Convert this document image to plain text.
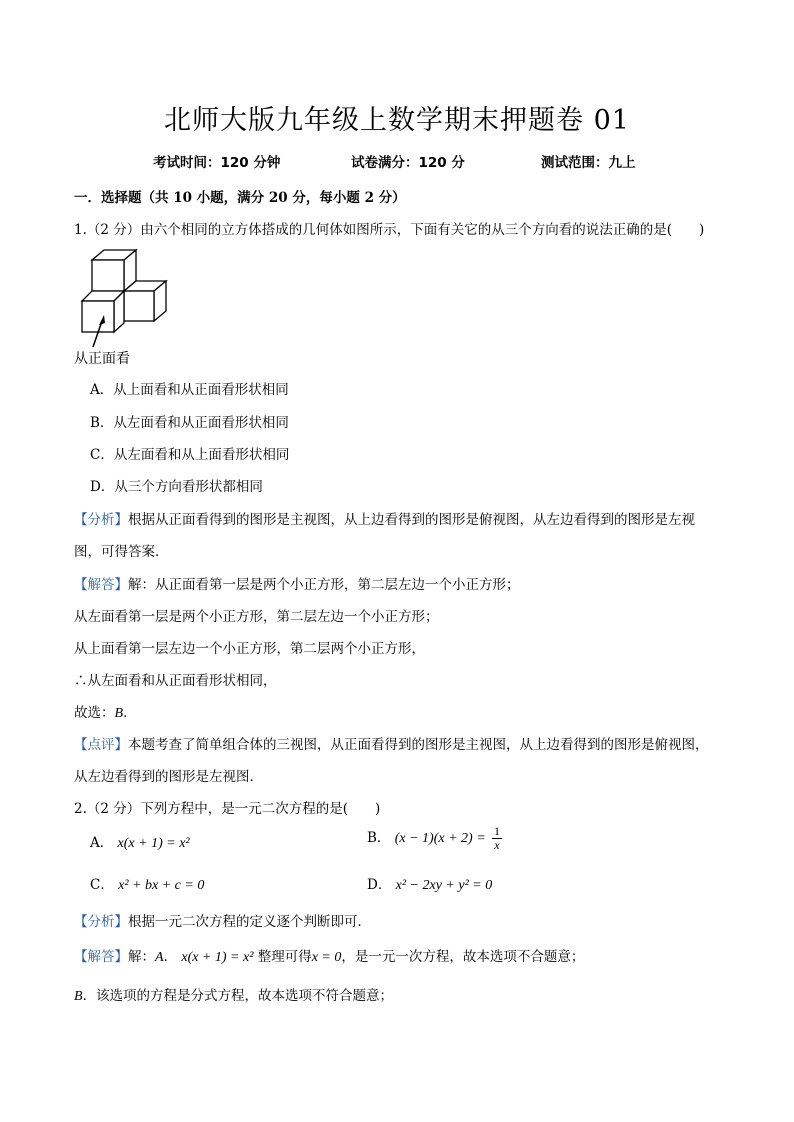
北师大版九年级上数学期末押题卷 01
考试时间：120 分钟	试卷满分：120 分	测试范围：九上
一．选择题（共 10 小题，满分 20 分，每小题 2 分）
1.（2 分）由六个相同的立方体搭成的几何体如图所示，下面有关它的从三个方向看的说法正确的是(　　)
从正面看
A．从上面看和从正面看形状相同
B．从左面看和从正面看形状相同
C．从左面看和从上面看形状相同
D．从三个方向看形状都相同
【分析】根据从正面看得到的图形是主视图，从上边看得到的图形是俯视图，从左边看得到的图形是左视
图，可得答案．
【解答】解：从正面看第一层是两个小正方形，第二层左边一个小正方形；
从左面看第一层是两个小正方形，第二层左边一个小正方形；
从上面看第一层左边一个小正方形，第二层两个小正方形，
∴从左面看和从正面看形状相同，
故选：B．
【点评】本题考查了简单组合体的三视图，从正面看得到的图形是主视图，从上边看得到的图形是俯视图，
从左边看得到的图形是左视图．
2.（2 分）下列方程中，是一元二次方程的是(　　)
A． x(x + 1) = x²	B． $(x - 1)(x + 2) = \frac{1}{x}$
C． x² + bx + c = 0	D． x² − 2xy + y² = 0
【分析】根据一元二次方程的定义逐个判断即可．
【解答】解：A． x(x + 1) = x² 整理可得x = 0，是一元一次方程，故本选项不合题意；
B．该选项的方程是分式方程，故本选项不符合题意；
